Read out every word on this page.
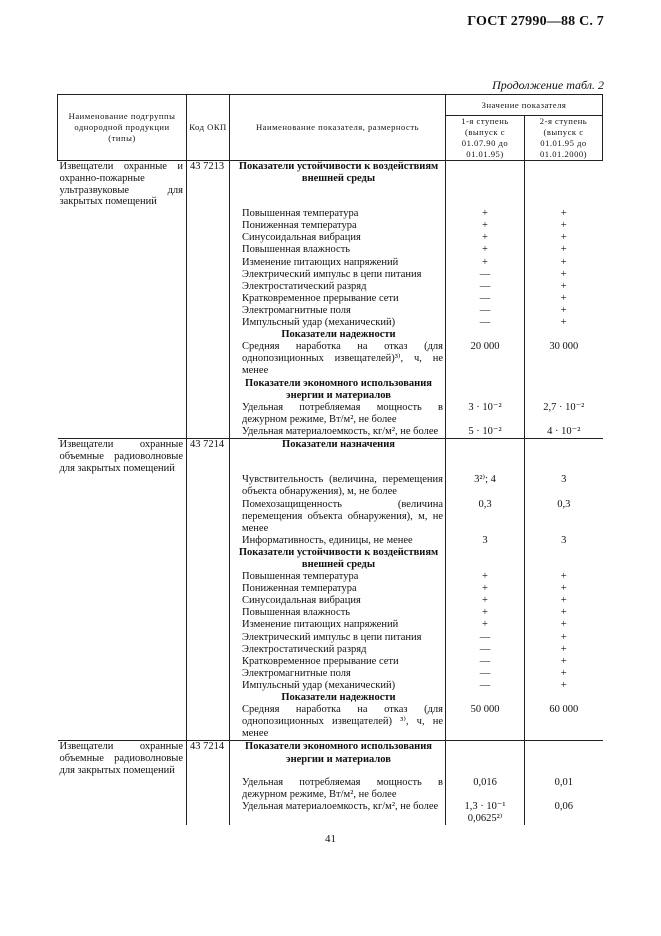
ГОСТ 27990—88 С. 7
Продолжение табл. 2
Наименование подгруппы однородной продукции (типы)	Код ОКП	Наименование показателя, размерность	Значение показателя	
			1-я ступень (выпуск с 01.07.90 до 01.01.95)	2-я ступень (выпуск с 01.01.95 до 01.01.2000)
Извещатели охранные и охранно-пожарные ультразвуковые для закрытых помещений	43 7213	Показатели устойчивости к воздействиям внешней среды		

		Повышенная температура	+	+

		Пониженная температура	+	+

		Синусоидальная вибрация	+	+

		Повышенная влажность	+	+

		Изменение питающих напряжений	+	+

		Электрический импульс в цепи питания	—	+

		Электростатический разряд	—	+

		Кратковременное прерывание сети	—	+

		Электромагнитные поля	—	+

		Импульсный удар (механический)	—	+
		Показатели надежности		

		Средняя наработка на отказ (для однопозиционных извещателей)³⁾, ч, не менее	20 000	30 000
		Показатели экономного использования энергии и материалов		

		Удельная потребляемая мощность в дежурном режиме, Вт/м², не более	3 · 10⁻²	2,7 · 10⁻²

		Удельная материалоемкость, кг/м², не более	5 · 10⁻²	4 · 10⁻²
Извещатели охранные объемные радиоволновые для закрытых помещений	43 7214	Показатели назначения		

		Чувствительность (величина, перемещения объекта обнаружения), м, не более	3²⁾; 4	3

		Помехозащищенность (величина перемещения объекта обнаружения), м, не менее	0,3	0,3

		Информативность, единицы, не менее	3	3
		Показатели устойчивости к воздействиям внешней среды		

		Повышенная температура	+	+

		Пониженная температура	+	+

		Синусоидальная вибрация	+	+

		Повышенная влажность	+	+

		Изменение питающих напряжений	+	+

		Электрический импульс в цепи питания	—	+

		Электростатический разряд	—	+

		Кратковременное прерывание сети	—	+

		Электромагнитные поля	—	+

		Импульсный удар (механический)	—	+
		Показатели надежности		

		Средняя наработка на отказ (для однопозиционных извещателей) ³⁾, ч, не менее	50 000	60 000
Извещатели охранные объемные радиоволновые для закрытых помещений	43 7214	Показатели экономного использования энергии и материалов		

		Удельная потребляемая мощность в дежурном режиме, Вт/м², не более	0,016	0,01

		Удельная материалоемкость, кг/м², не более	1,3 · 10⁻¹ 0,0625²⁾	0,06
41
